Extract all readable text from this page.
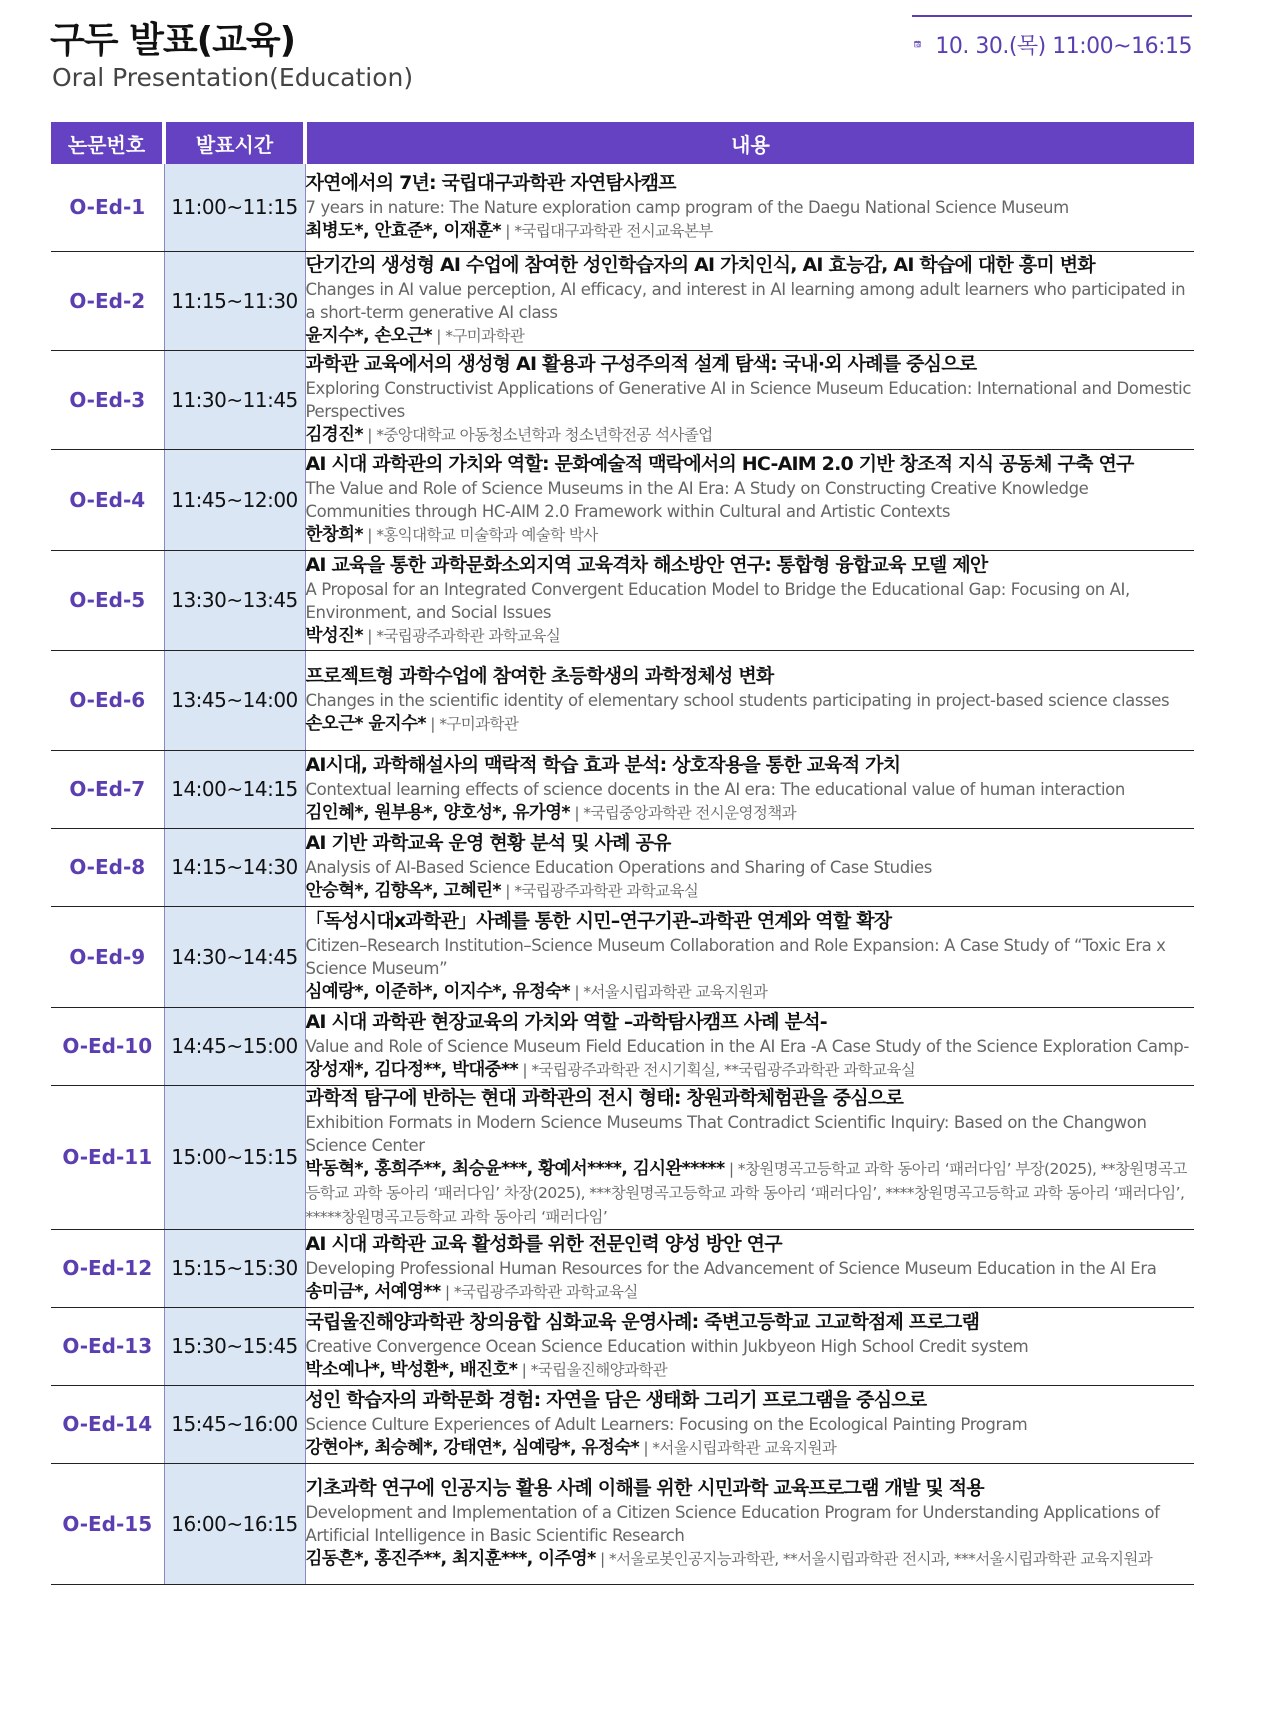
구두 발표(교육)
Oral Presentation(Education)
10. 30.(목) 11:00~16:15
논문번호	발표시간	내용
O-Ed-1	11:00~11:15	자연에서의 7년: 국립대구과학관 자연탐사캠프
7 years in nature: The Nature exploration camp program of the Daegu National Science Museum
최병도*, 안효준*, 이재훈* | *국립대구과학관 전시교육본부

O-Ed-2	11:15~11:30	단기간의 생성형 AI 수업에 참여한 성인학습자의 AI 가치인식, AI 효능감, AI 학습에 대한 흥미 변화
Changes in AI value perception, AI efficacy, and interest in AI learning among adult learners who participated in a short-term generative AI class
윤지수*, 손오근* | *구미과학관

O-Ed-3	11:30~11:45	과학관 교육에서의 생성형 AI 활용과 구성주의적 설계 탐색: 국내·외 사례를 중심으로
Exploring Constructivist Applications of Generative AI in Science Museum Education: International and Domestic Perspectives
김경진* | *중앙대학교 아동청소년학과 청소년학전공 석사졸업

O-Ed-4	11:45~12:00	AI 시대 과학관의 가치와 역할: 문화예술적 맥락에서의 HC-AIM 2.0 기반 창조적 지식 공동체 구축 연구
The Value and Role of Science Museums in the AI Era: A Study on Constructing Creative Knowledge Communities through HC-AIM 2.0 Framework within Cultural and Artistic Contexts
한창희* | *홍익대학교 미술학과 예술학 박사

O-Ed-5	13:30~13:45	AI 교육을 통한 과학문화소외지역 교육격차 해소방안 연구: 통합형 융합교육 모델 제안
A Proposal for an Integrated Convergent Education Model to Bridge the Educational Gap: Focusing on AI, Environment, and Social Issues
박성진* | *국립광주과학관 과학교육실

O-Ed-6	13:45~14:00	프로젝트형 과학수업에 참여한 초등학생의 과학정체성 변화
Changes in the scientific identity of elementary school students participating in project-based science classes
손오근* 윤지수* | *구미과학관

O-Ed-7	14:00~14:15	AI시대, 과학해설사의 맥락적 학습 효과 분석: 상호작용을 통한 교육적 가치
Contextual learning effects of science docents in the AI era: The educational value of human interaction
김인혜*, 원부용*, 양호성*, 유가영* | *국립중앙과학관 전시운영정책과

O-Ed-8	14:15~14:30	AI 기반 과학교육 운영 현황 분석 및 사례 공유
Analysis of AI-Based Science Education Operations and Sharing of Case Studies
안승혁*, 김향옥*, 고혜린* | *국립광주과학관 과학교육실

O-Ed-9	14:30~14:45	「독성시대x과학관」사례를 통한 시민–연구기관–과학관 연계와 역할 확장
Citizen–Research Institution–Science Museum Collaboration and Role Expansion: A Case Study of “Toxic Era x Science Museum”
심예랑*, 이준하*, 이지수*, 유정숙* | *서울시립과학관 교육지원과

O-Ed-10	14:45~15:00	AI 시대 과학관 현장교육의 가치와 역할 –과학탐사캠프 사례 분석-
Value and Role of Science Museum Field Education in the AI Era -A Case Study of the Science Exploration Camp-
장성재*, 김다정**, 박대중** | *국립광주과학관 전시기획실, **국립광주과학관 과학교육실

O-Ed-11	15:00~15:15	과학적 탐구에 반하는 현대 과학관의 전시 형태: 창원과학체험관을 중심으로
Exhibition Formats in Modern Science Museums That Contradict Scientific Inquiry: Based on the Changwon Science Center
박동혁*, 홍희주**, 최승윤***, 황예서****, 김시완***** | *창원명곡고등학교 과학 동아리 ‘패러다임’ 부장(2025), **창원명곡고등학교 과학 동아리 ‘패러다임’ 차장(2025), ***창원명곡고등학교 과학 동아리 ‘패러다임’, ****창원명곡고등학교 과학 동아리 ‘패러다임’, *****창원명곡고등학교 과학 동아리 ‘패러다임’

O-Ed-12	15:15~15:30	AI 시대 과학관 교육 활성화를 위한 전문인력 양성 방안 연구
Developing Professional Human Resources for the Advancement of Science Museum Education in the AI Era
송미금*, 서예영** | *국립광주과학관 과학교육실

O-Ed-13	15:30~15:45	국립울진해양과학관 창의융합 심화교육 운영사례: 죽변고등학교 고교학점제 프로그램
Creative Convergence Ocean Science Education within Jukbyeon High School Credit system
박소예나*, 박성환*, 배진호* | *국립울진해양과학관

O-Ed-14	15:45~16:00	성인 학습자의 과학문화 경험: 자연을 담은 생태화 그리기 프로그램을 중심으로
Science Culture Experiences of Adult Learners: Focusing on the Ecological Painting Program
강현아*, 최승혜*, 강태연*, 심예랑*, 유정숙* | *서울시립과학관 교육지원과

O-Ed-15	16:00~16:15	기초과학 연구에 인공지능 활용 사례 이해를 위한 시민과학 교육프로그램 개발 및 적용
Development and Implementation of a Citizen Science Education Program for Understanding Applications of Artificial Intelligence in Basic Scientific Research
김동흔*, 홍진주**, 최지훈***, 이주영* | *서울로봇인공지능과학관, **서울시립과학관 전시과, ***서울시립과학관 교육지원과
